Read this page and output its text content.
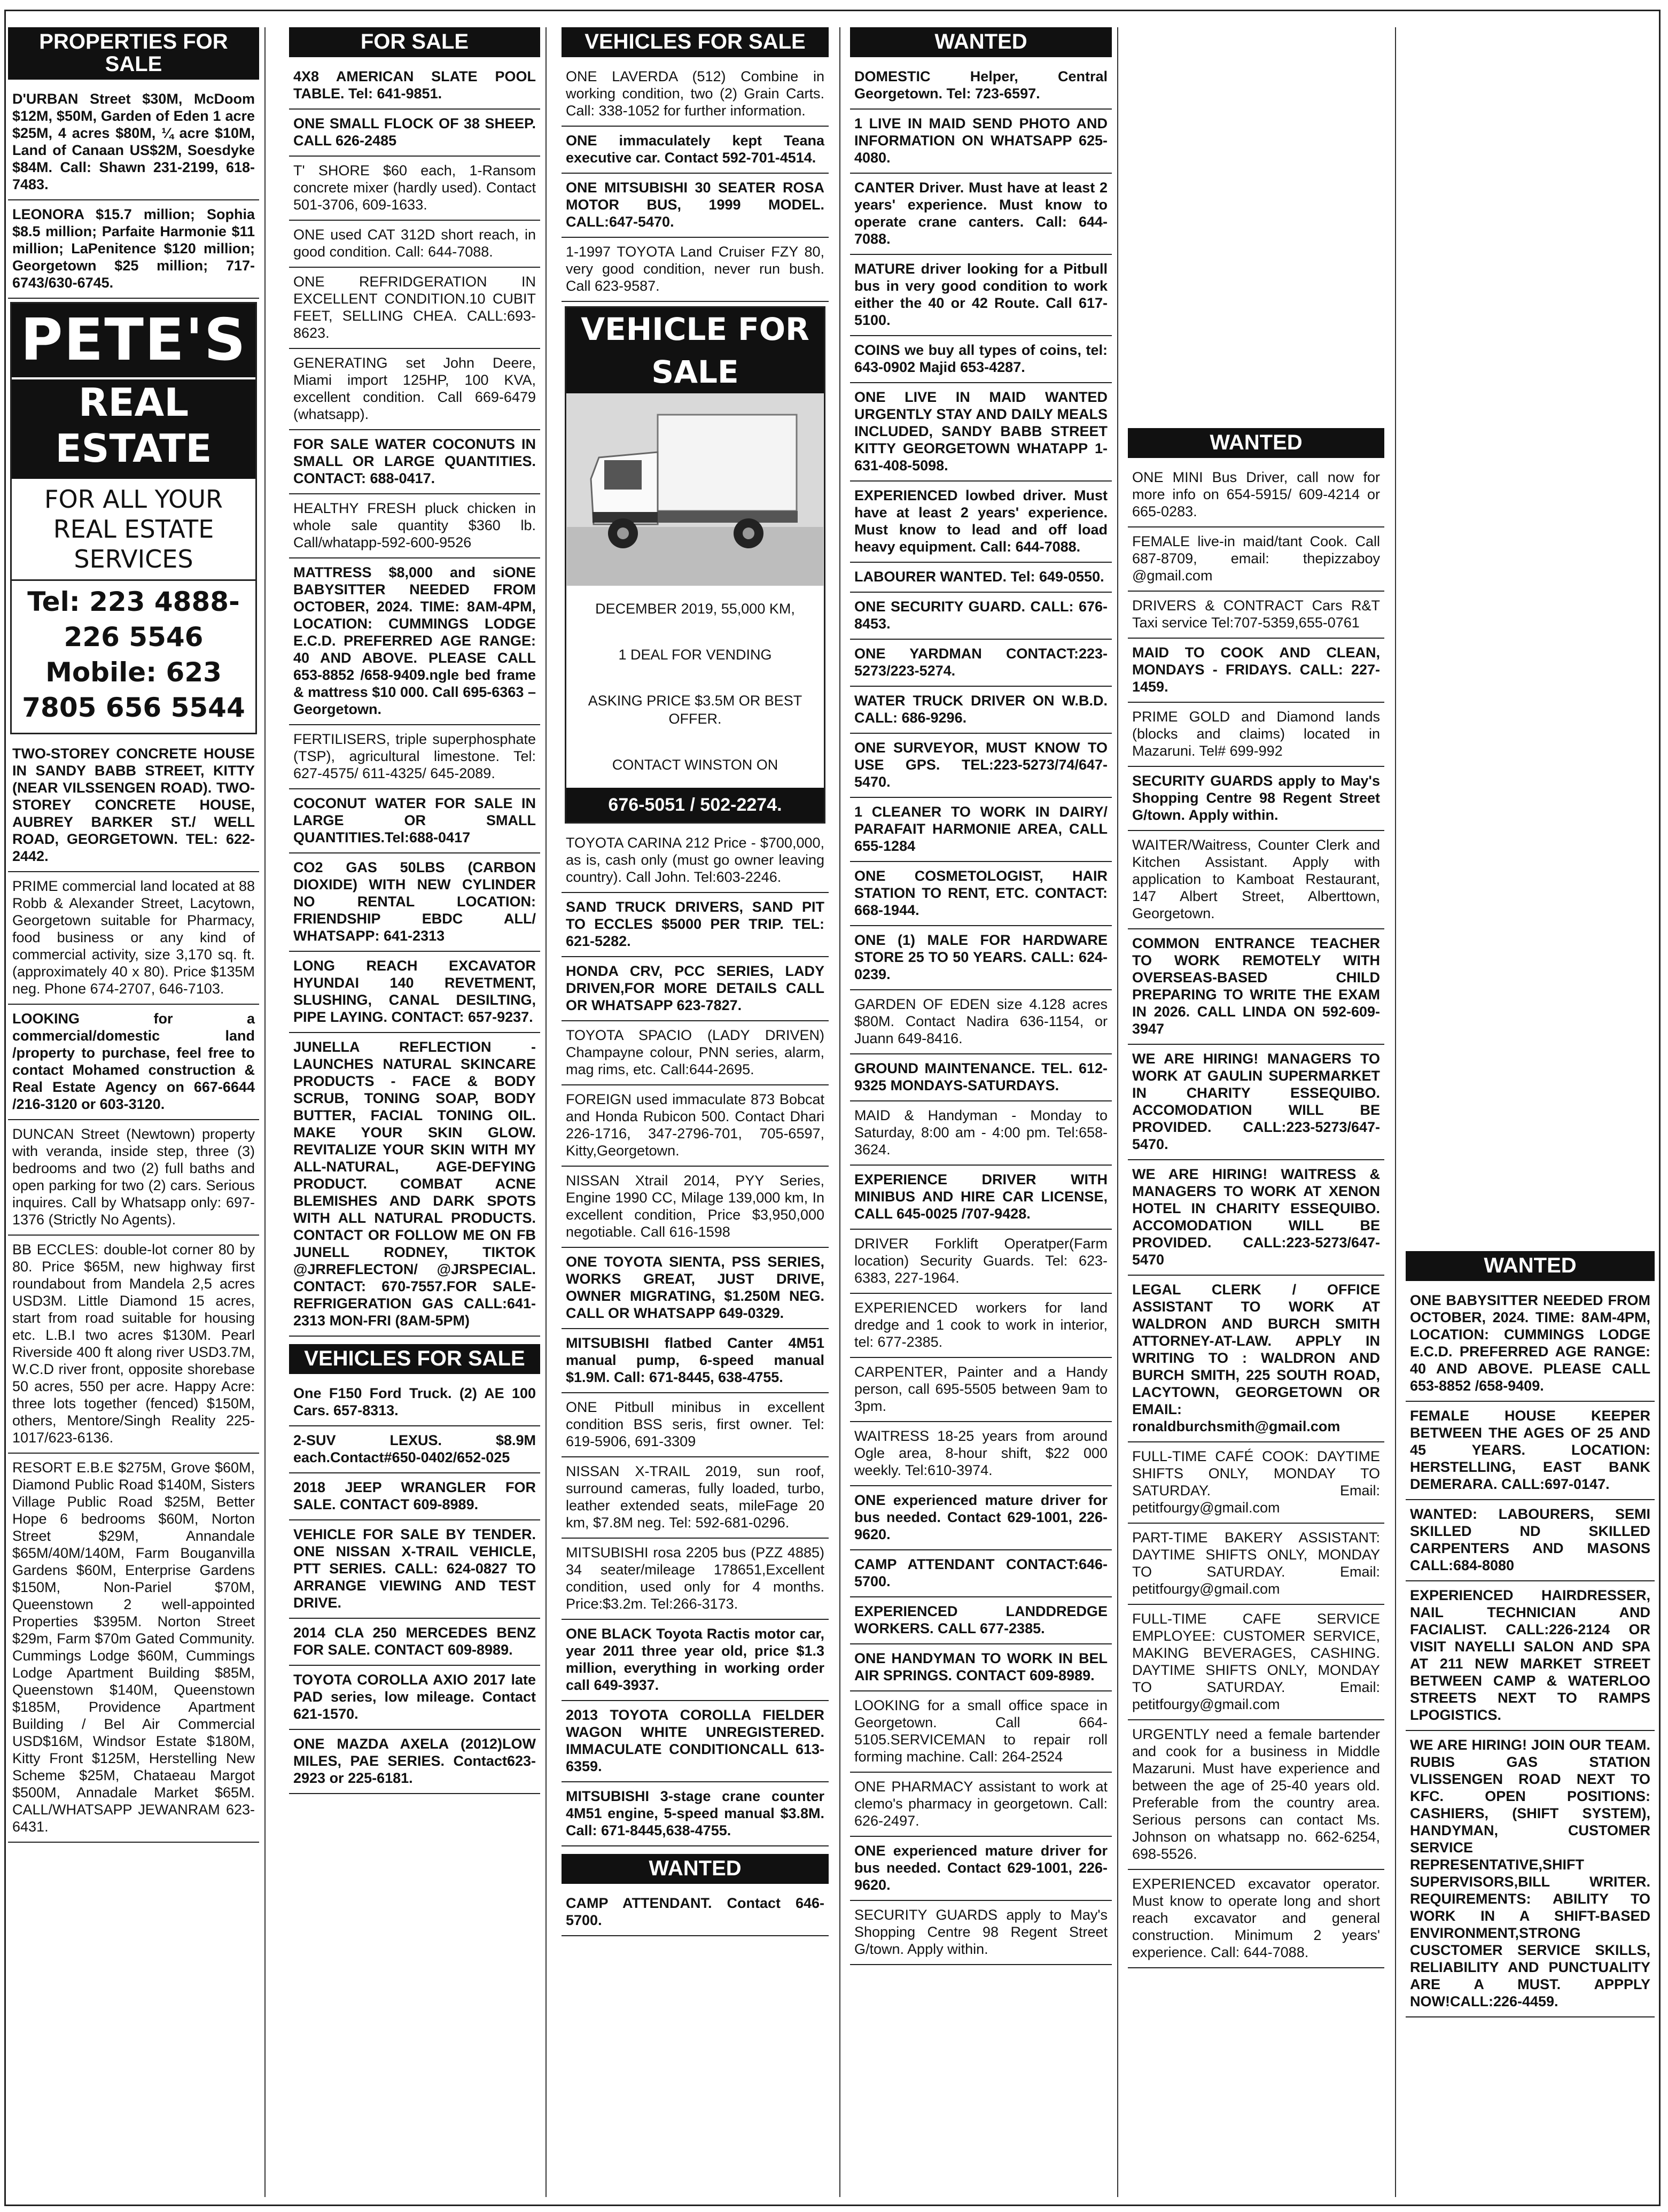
PROPERTIES FOR SALE
D'URBAN Street $30M, McDoom $12M, $50M, Garden of Eden 1 acre $25M, 4 acres $80M, ¼ acre $10M, Land of Canaan US$2M, Soesdyke $84M. Call: Shawn 231-2199, 618-7483.
LEONORA $15.7 million; Sophia $8.5 million; Parfaite Harmonie $11 million; LaPenitence $120 million; Georgetown $25 million; 717-6743/630-6745.
PETE'S
REAL ESTATE
FOR ALL YOUR REAL ESTATE SERVICES
Tel: 223 4888- 226 5546
Mobile: 623 7805 656 5544
TWO-STOREY CONCRETE HOUSE IN SANDY BABB STREET, KITTY (NEAR VILSSENGEN ROAD). TWO-STOREY CONCRETE HOUSE, AUBREY BARKER ST./ WELL ROAD, GEORGETOWN. TEL: 622-2442.
PRIME commercial land located at 88 Robb & Alexander Street, Lacytown, Georgetown suitable for Pharmacy, food business or any kind of commercial activity, size 3,170 sq. ft. (approximately 40 x 80). Price $135M neg. Phone 674-2707, 646-7103.
LOOKING for a commercial/domestic land /property to purchase, feel free to contact Mohamed construction & Real Estate Agency on 667-6644 /216-3120 or 603-3120.
DUNCAN Street (Newtown) property with veranda, inside step, three (3) bedrooms and two (2) full baths and open parking for two (2) cars. Serious inquires. Call by Whatsapp only: 697-1376 (Strictly No Agents).
BB ECCLES: double-lot corner 80 by 80. Price $65M, new highway first roundabout from Mandela 2,5 acres USD3M. Little Diamond 15 acres, start from road suitable for housing etc. L.B.I two acres $130M. Pearl Riverside 400 ft along river USD3.7M, W.C.D river front, opposite shorebase 50 acres, 550 per acre. Happy Acre: three lots together (fenced) $150M, others, Mentore/Singh Reality 225-1017/623-6136.
RESORT E.B.E $275M, Grove $60M, Diamond Public Road $140M, Sisters Village Public Road $25M, Better Hope 6 bedrooms $60M, Norton Street $29M, Annandale $65M/40M/140M, Farm Bouganvilla Gardens $60M, Enterprise Gardens $150M, Non-Pariel $70M, Queenstown 2 well-appointed Properties $395M. Norton Street $29m, Farm $70m Gated Community. Cummings Lodge $60M, Cummings Lodge Apartment Building $85M, Queenstown $140M, Queenstown $185M, Providence Apartment Building / Bel Air Commercial USD$16M, Windsor Estate $180M, Kitty Front $125M, Herstelling New Scheme $25M, Chataeau Margot $500M, Annadale Market $65M. CALL/WHATSAPP JEWANRAM 623-6431.
FOR SALE
4X8 AMERICAN SLATE POOL TABLE. Tel: 641-9851.
ONE SMALL FLOCK OF 38 SHEEP. CALL 626-2485
T' SHORE $60 each, 1-Ransom concrete mixer (hardly used). Contact 501-3706, 609-1633.
ONE used CAT 312D short reach, in good condition. Call: 644-7088.
ONE REFRIDGERATION IN EXCELLENT CONDITION.10 CUBIT FEET, SELLING CHEA. CALL:693-8623.
GENERATING set John Deere, Miami import 125HP, 100 KVA, excellent condition. Call 669-6479 (whatsapp).
FOR SALE WATER COCONUTS IN SMALL OR LARGE QUANTITIES. CONTACT: 688-0417.
HEALTHY FRESH pluck chicken in whole sale quantity $360 lb. Call/whatapp-592-600-9526
MATTRESS $8,000 and siONE BABYSITTER NEEDED FROM OCTOBER, 2024. TIME: 8AM-4PM, LOCATION: CUMMINGS LODGE E.C.D. PREFERRED AGE RANGE: 40 AND ABOVE. PLEASE CALL 653-8852 /658-9409.ngle bed frame & mattress $10 000. Call 695-6363 – Georgetown.
FERTILISERS, triple superphosphate (TSP), agricultural limestone. Tel: 627-4575/ 611-4325/ 645-2089.
COCONUT WATER FOR SALE IN LARGE OR SMALL QUANTITIES.Tel:688-0417
CO2 GAS 50LBS (CARBON DIOXIDE) WITH NEW CYLINDER NO RENTAL LOCATION: FRIENDSHIP EBDC ALL/ WHATSAPP: 641-2313
LONG REACH EXCAVATOR HYUNDAI 140 REVETMENT, SLUSHING, CANAL DESILTING, PIPE LAYING. CONTACT: 657-9237.
JUNELLA REFLECTION - LAUNCHES NATURAL SKINCARE PRODUCTS - FACE & BODY SCRUB, TONING SOAP, BODY BUTTER, FACIAL TONING OIL. MAKE YOUR SKIN GLOW. REVITALIZE YOUR SKIN WITH MY ALL-NATURAL, AGE-DEFYING PRODUCT. COMBAT ACNE BLEMISHES AND DARK SPOTS WITH ALL NATURAL PRODUCTS. CONTACT OR FOLLOW ME ON FB JUNELL RODNEY, TIKTOK @JRREFLECTON/ @JRSPECIAL. CONTACT: 670-7557.FOR SALE- REFRIGERATION GAS CALL:641-2313 MON-FRI (8AM-5PM)
VEHICLES FOR SALE
One F150 Ford Truck. (2) AE 100 Cars. 657-8313.
2-SUV LEXUS. $8.9M each.Contact#650-0402/652-025
2018 JEEP WRANGLER FOR SALE. CONTACT 609-8989.
VEHICLE FOR SALE BY TENDER. ONE NISSAN X-TRAIL VEHICLE, PTT SERIES. CALL: 624-0827 TO ARRANGE VIEWING AND TEST DRIVE.
2014 CLA 250 MERCEDES BENZ FOR SALE. CONTACT 609-8989.
TOYOTA COROLLA AXIO 2017 late PAD series, low mileage. Contact 621-1570.
ONE MAZDA AXELA (2012)LOW MILES, PAE SERIES. Contact623-2923 or 225-6181.
VEHICLES FOR SALE
ONE LAVERDA (512) Combine in working condition, two (2) Grain Carts. Call: 338-1052 for further information.
ONE immaculately kept Teana executive car. Contact 592-701-4514.
ONE MITSUBISHI 30 SEATER ROSA MOTOR BUS, 1999 MODEL. CALL:647-5470.
1-1997 TOYOTA Land Cruiser FZY 80, very good condition, never run bush. Call 623-9587.
VEHICLE FOR SALE
DECEMBER 2019, 55,000 KM,
1 DEAL FOR VENDING
ASKING PRICE $3.5M OR BEST OFFER.
CONTACT WINSTON ON
676-5051 / 502-2274.
TOYOTA CARINA 212 Price - $700,000, as is, cash only (must go owner leaving country). Call John. Tel:603-2246.
SAND TRUCK DRIVERS, SAND PIT TO ECCLES $5000 PER TRIP. TEL: 621-5282.
HONDA CRV, PCC SERIES, LADY DRIVEN,FOR MORE DETAILS CALL OR WHATSAPP 623-7827.
TOYOTA SPACIO (LADY DRIVEN) Champayne colour, PNN series, alarm, mag rims, etc. Call:644-2695.
FOREIGN used immaculate 873 Bobcat and Honda Rubicon 500. Contact Dhari 226-1716, 347-2796-701, 705-6597, Kitty,Georgetown.
NISSAN Xtrail 2014, PYY Series, Engine 1990 CC, Milage 139,000 km, In excellent condition, Price $3,950,000 negotiable. Call 616-1598
ONE TOYOTA SIENTA, PSS SERIES, WORKS GREAT, JUST DRIVE, OWNER MIGRATING, $1.250M NEG. CALL OR WHATSAPP 649-0329.
MITSUBISHI flatbed Canter 4M51 manual pump, 6-speed manual $1.9M. Call: 671-8445, 638-4755.
ONE Pitbull minibus in excellent condition BSS seris, first owner. Tel: 619-5906, 691-3309
NISSAN X-TRAIL 2019, sun roof, surround cameras, fully loaded, turbo, leather extended seats, mileFage 20 km, $7.8M neg. Tel: 592-681-0296.
MITSUBISHI rosa 2205 bus (PZZ 4885) 34 seater/mileage 178651,Excellent condition, used only for 4 months. Price:$3.2m. Tel:266-3173.
ONE BLACK Toyota Ractis motor car, year 2011 three year old, price $1.3 million, everything in working order call 649-3937.
2013 TOYOTA COROLLA FIELDER WAGON WHITE UNREGISTERED. IMMACULATE CONDITIONCALL 613-6359.
MITSUBISHI 3-stage crane counter 4M51 engine, 5-speed manual $3.8M. Call: 671-8445,638-4755.
WANTED
CAMP ATTENDANT. Contact 646-5700.
WANTED
DOMESTIC Helper, Central Georgetown. Tel: 723-6597.
1 LIVE IN MAID SEND PHOTO AND INFORMATION ON WHATSAPP 625-4080.
CANTER Driver. Must have at least 2 years' experience. Must know to operate crane canters. Call: 644-7088.
MATURE driver looking for a Pitbull bus in very good condition to work either the 40 or 42 Route. Call 617-5100.
COINS we buy all types of coins, tel: 643-0902 Majid 653-4287.
ONE LIVE IN MAID WANTED URGENTLY STAY AND DAILY MEALS INCLUDED, SANDY BABB STREET KITTY GEORGETOWN WHATAPP 1-631-408-5098.
EXPERIENCED lowbed driver. Must have at least 2 years' experience. Must know to lead and off load heavy equipment. Call: 644-7088.
LABOURER WANTED. Tel: 649-0550.
ONE SECURITY GUARD. CALL: 676-8453.
ONE YARDMAN CONTACT:223-5273/223-5274.
WATER TRUCK DRIVER ON W.B.D. CALL: 686-9296.
ONE SURVEYOR, MUST KNOW TO USE GPS. TEL:223-5273/74/647-5470.
1 CLEANER TO WORK IN DAIRY/ PARAFAIT HARMONIE AREA, CALL 655-1284
ONE COSMETOLOGIST, HAIR STATION TO RENT, ETC. CONTACT: 668-1944.
ONE (1) MALE FOR HARDWARE STORE 25 TO 50 YEARS. CALL: 624-0239.
GARDEN OF EDEN size 4.128 acres $80M. Contact Nadira 636-1154, or Juann 649-8416.
GROUND MAINTENANCE. TEL. 612-9325 MONDAYS-SATURDAYS.
MAID & Handyman - Monday to Saturday, 8:00 am - 4:00 pm. Tel:658-3624.
EXPERIENCE DRIVER WITH MINIBUS AND HIRE CAR LICENSE, CALL 645-0025 /707-9428.
DRIVER Forklift Operatper(Farm location) Security Guards. Tel: 623-6383, 227-1964.
EXPERIENCED workers for land dredge and 1 cook to work in interior, tel: 677-2385.
CARPENTER, Painter and a Handy person, call 695-5505 between 9am to 3pm.
WAITRESS 18-25 years from around Ogle area, 8-hour shift, $22 000 weekly. Tel:610-3974.
ONE experienced mature driver for bus needed. Contact 629-1001, 226-9620.
CAMP ATTENDANT CONTACT:646-5700.
EXPERIENCED LANDDREDGE WORKERS. CALL 677-2385.
ONE HANDYMAN TO WORK IN BEL AIR SPRINGS. CONTACT 609-8989.
LOOKING for a small office space in Georgetown. Call 664-5105.SERVICEMAN to repair roll forming machine. Call: 264-2524
ONE PHARMACY assistant to work at clemo's pharmacy in georgetown. Call: 626-2497.
ONE experienced mature driver for bus needed. Contact 629-1001, 226-9620.
SECURITY GUARDS apply to May's Shopping Centre 98 Regent Street G/town. Apply within.
WANTED
ONE MINI Bus Driver, call now for more info on 654-5915/ 609-4214 or 665-0283.
FEMALE live-in maid/tant Cook. Call 687-8709, email: thepizzaboy @gmail.com
DRIVERS & CONTRACT Cars R&T Taxi service Tel:707-5359,655-0761
MAID TO COOK AND CLEAN, MONDAYS - FRIDAYS. CALL: 227-1459.
PRIME GOLD and Diamond lands (blocks and claims) located in Mazaruni. Tel# 699-992
SECURITY GUARDS apply to May's Shopping Centre 98 Regent Street G/town. Apply within.
WAITER/Waitress, Counter Clerk and Kitchen Assistant. Apply with application to Kamboat Restaurant, 147 Albert Street, Alberttown, Georgetown.
COMMON ENTRANCE TEACHER TO WORK REMOTELY WITH OVERSEAS-BASED CHILD PREPARING TO WRITE THE EXAM IN 2026. CALL LINDA ON 592-609-3947
WE ARE HIRING! MANAGERS TO WORK AT GAULIN SUPERMARKET IN CHARITY ESSEQUIBO. ACCOMODATION WILL BE PROVIDED. CALL:223-5273/647-5470.
WE ARE HIRING! WAITRESS & MANAGERS TO WORK AT XENON HOTEL IN CHARITY ESSEQUIBO. ACCOMODATION WILL BE PROVIDED. CALL:223-5273/647-5470
LEGAL CLERK / OFFICE ASSISTANT TO WORK AT WALDRON AND BURCH SMITH ATTORNEY-AT-LAW. APPLY IN WRITING TO : WALDRON AND BURCH SMITH, 225 SOUTH ROAD, LACYTOWN, GEORGETOWN OR EMAIL: ronaldburchsmith@gmail.com
FULL-TIME CAFÉ COOK: DAYTIME SHIFTS ONLY, MONDAY TO SATURDAY. Email: petitfourgy@gmail.com
PART-TIME BAKERY ASSISTANT: DAYTIME SHIFTS ONLY, MONDAY TO SATURDAY. Email: petitfourgy@gmail.com
FULL-TIME CAFE SERVICE EMPLOYEE: CUSTOMER SERVICE, MAKING BEVERAGES, CASHING. DAYTIME SHIFTS ONLY, MONDAY TO SATURDAY. Email: petitfourgy@gmail.com
URGENTLY need a female bartender and cook for a business in Middle Mazaruni. Must have experience and between the age of 25-40 years old. Preferable from the country area. Serious persons can contact Ms. Johnson on whatsapp no. 662-6254, 698-5526.
EXPERIENCED excavator operator. Must know to operate long and short reach excavator and general construction. Minimum 2 years' experience. Call: 644-7088.
WANTED
ONE BABYSITTER NEEDED FROM OCTOBER, 2024. TIME: 8AM-4PM, LOCATION: CUMMINGS LODGE E.C.D. PREFERRED AGE RANGE: 40 AND ABOVE. PLEASE CALL 653-8852 /658-9409.
FEMALE HOUSE KEEPER BETWEEN THE AGES OF 25 AND 45 YEARS. LOCATION: HERSTELLING, EAST BANK DEMERARA. CALL:697-0147.
WANTED: LABOURERS, SEMI SKILLED ND SKILLED CARPENTERS AND MASONS CALL:684-8080
EXPERIENCED HAIRDRESSER, NAIL TECHNICIAN AND FACIALIST. CALL:226-2124 OR VISIT NAYELLI SALON AND SPA AT 211 NEW MARKET STREET BETWEEN CAMP & WATERLOO STREETS NEXT TO RAMPS LPOGISTICS.
WE ARE HIRING! JOIN OUR TEAM. RUBIS GAS STATION VLISSENGEN ROAD NEXT TO KFC. OPEN POSITIONS: CASHIERS, (SHIFT SYSTEM), HANDYMAN, CUSTOMER SERVICE REPRESENTATIVE,SHIFT SUPERVISORS,BILL WRITER. REQUIREMENTS: ABILITY TO WORK IN A SHIFT-BASED ENVIRONMENT,STRONG CUSCTOMER SERVICE SKILLS, RELIABILITY AND PUNCTUALITY ARE A MUST. APPPLY NOW!CALL:226-4459.
